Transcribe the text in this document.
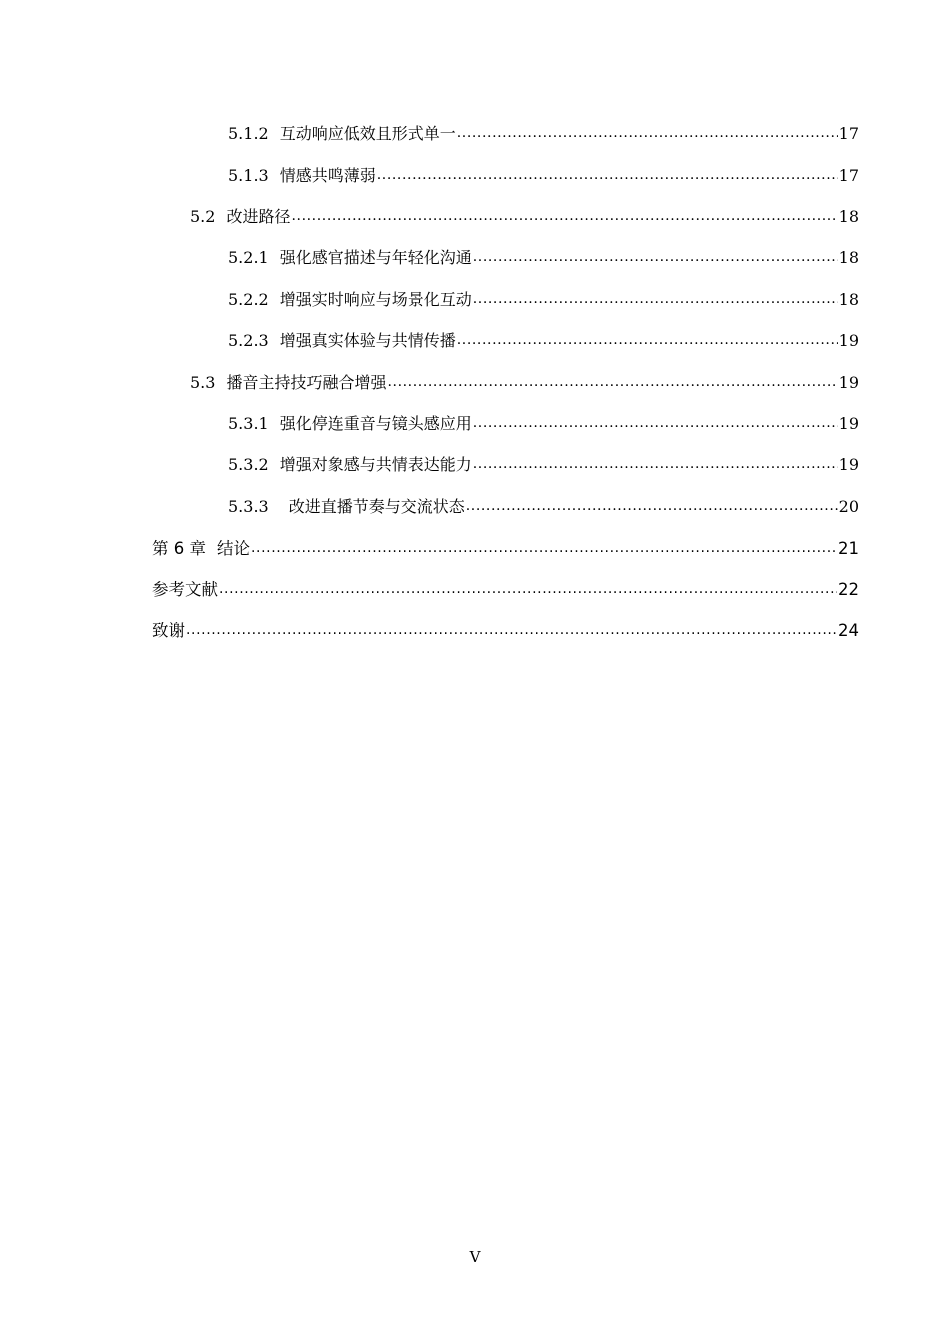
5.1.2 互动响应低效且形式单一 .....	17
5.1.3 情感共鸣薄弱 .....	17
5.2 改进路径 .....	18
5.2.1 强化感官描述与年轻化沟通 .....	18
5.2.2 增强实时响应与场景化互动 .....	18
5.2.3 增强真实体验与共情传播 .....	19
5.3 播音主持技巧融合增强 .....	19
5.3.1 强化停连重音与镜头感应用 .....	19
5.3.2 增强对象感与共情表达能力 .....	19
5.3.3 改进直播节奏与交流状态 .....	20
第 6 章 结论 .....	21
参考文献 .....	22
致谢 .....	24
V
